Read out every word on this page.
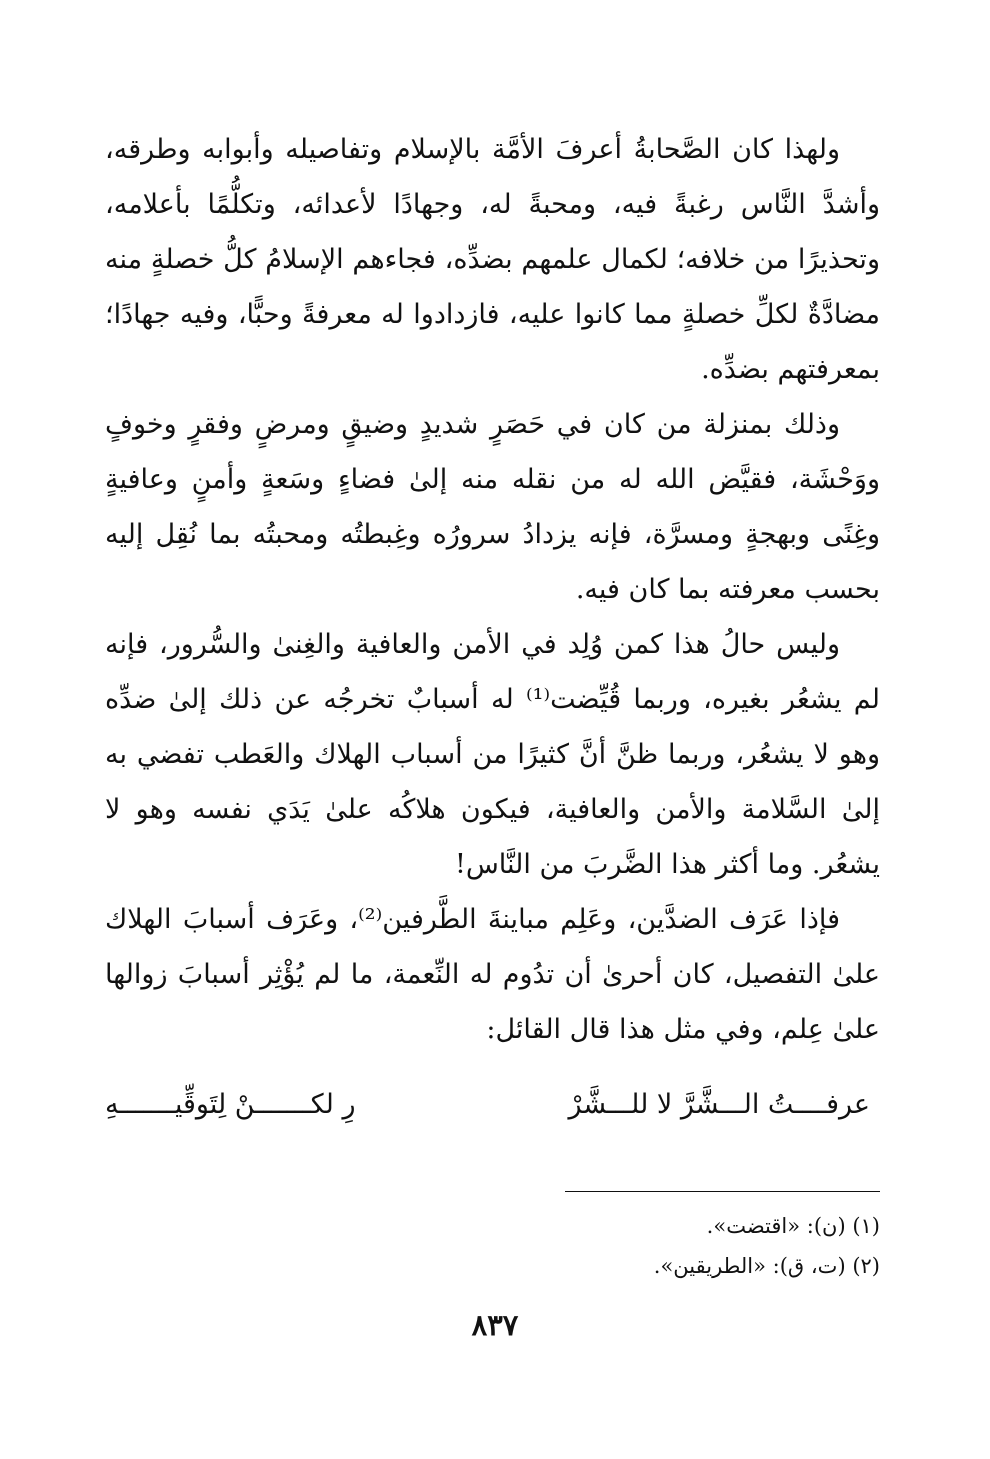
ولهذا كان الصَّحابةُ أعرفَ الأمَّة بالإسلام وتفاصيله وأبوابه وطرقه، وأشدَّ النَّاس رغبةً فيه، ومحبةً له، وجهادًا لأعدائه، وتكلُّمًا بأعلامه، وتحذيرًا من خلافه؛ لكمال علمهم بضدِّه، فجاءهم الإسلامُ كلُّ خصلةٍ منه مضادَّةٌ لكلِّ خصلةٍ مما كانوا عليه، فازدادوا له معرفةً وحبًّا، وفيه جهادًا؛ بمعرفتهم بضدِّه.

وذلك بمنزلة من كان في حَصَرٍ شديدٍ وضيقٍ ومرضٍ وفقرٍ وخوفٍ ووَحْشَة، فقيَّض الله له من نقله منه إلىٰ فضاءٍ وسَعةٍ وأمنٍ وعافيةٍ وغِنًى وبهجةٍ ومسرَّة، فإنه يزدادُ سرورُه وغِبطتُه ومحبتُه بما نُقِل إليه بحسب معرفته بما كان فيه.

وليس حالُ هذا كمن وُلِد في الأمن والعافية والغِنىٰ والسُّرور، فإنه لم يشعُر بغيره، وربما قُيِّضت⁽¹⁾ له أسبابٌ تخرجُه عن ذلك إلىٰ ضدِّه وهو لا يشعُر، وربما ظنَّ أنَّ كثيرًا من أسباب الهلاك والعَطب تفضي به إلىٰ السَّلامة والأمن والعافية، فيكون هلاكُه علىٰ يَدَي نفسه وهو لا يشعُر. وما أكثر هذا الضَّربَ من النَّاس!

فإذا عَرَف الضدَّين، وعَلِم مباينةَ الطَّرفين⁽²⁾، وعَرَف أسبابَ الهلاك علىٰ التفصيل، كان أحرىٰ أن تدُوم له النِّعمة، ما لم يُؤْثِر أسبابَ زوالها علىٰ عِلم، وفي مثل هذا قال القائل:

عرفــــتُ الـــشَّرَّ لا للـــشَّرْ
رِ لكـــــــنْ لِتَوقِّيـــــــهِ

(١) (ن): «اقتضت».

(٢) (ت، ق): «الطريقين».

٨٣٧
